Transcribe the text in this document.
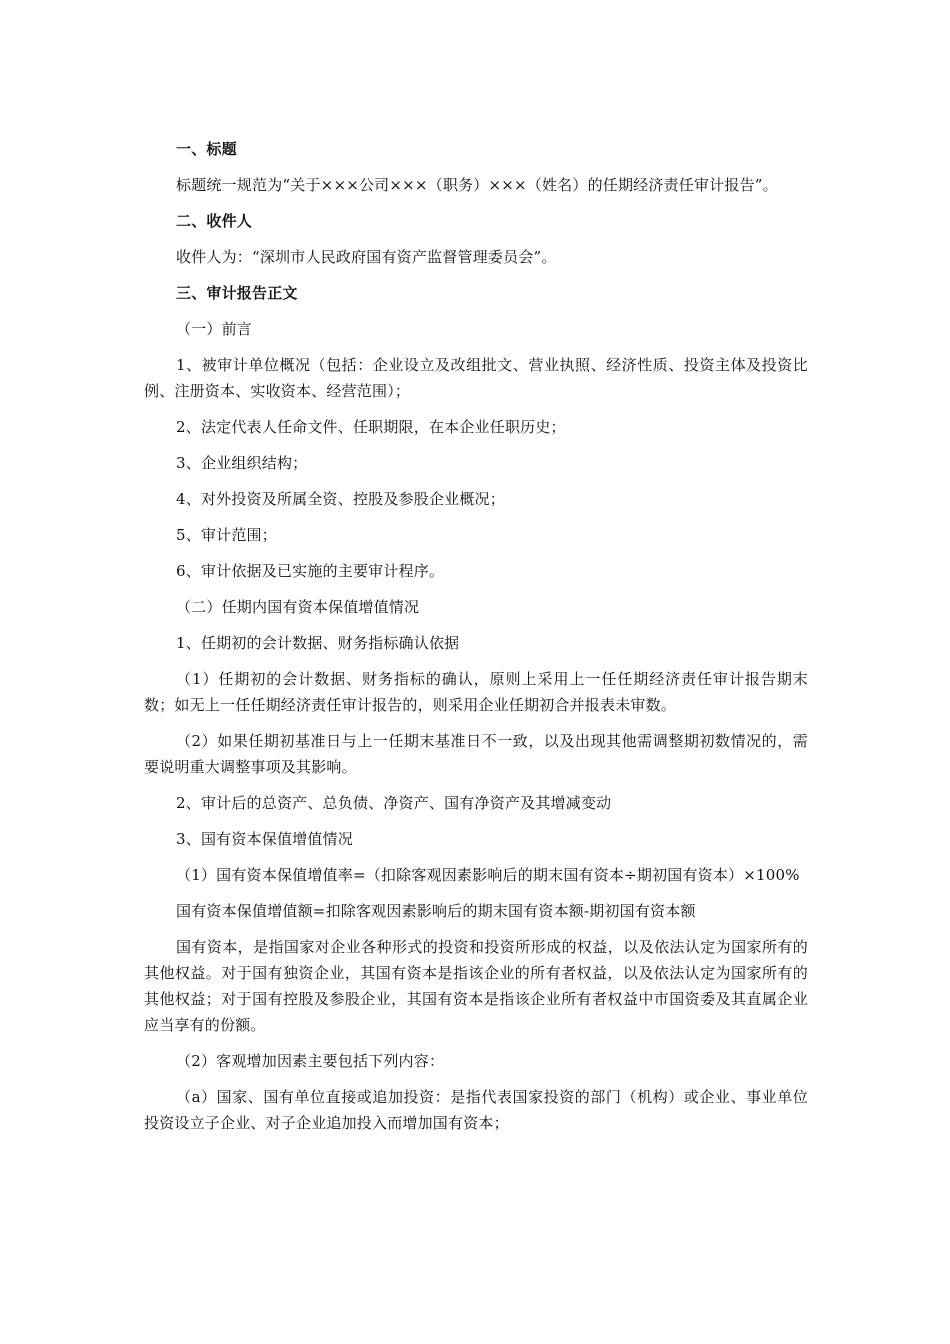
一、标题

标题统一规范为“关于×××公司×××（职务）×××（姓名）的任期经济责任审计报告”。

二、收件人

收件人为：“深圳市人民政府国有资产监督管理委员会”。

三、审计报告正文

（一）前言

1、被审计单位概况（包括：企业设立及改组批文、营业执照、经济性质、投资主体及投资比例、注册资本、实收资本、经营范围）；

2、法定代表人任命文件、任职期限，在本企业任职历史；

3、企业组织结构；

4、对外投资及所属全资、控股及参股企业概况；

5、审计范围；

6、审计依据及已实施的主要审计程序。

（二）任期内国有资本保值增值情况

1、任期初的会计数据、财务指标确认依据

（1）任期初的会计数据、财务指标的确认，原则上采用上一任任期经济责任审计报告期末数；如无上一任任期经济责任审计报告的，则采用企业任期初合并报表未审数。

（2）如果任期初基准日与上一任期末基准日不一致，以及出现其他需调整期初数情况的，需要说明重大调整事项及其影响。

2、审计后的总资产、总负债、净资产、国有净资产及其增减变动

3、国有资本保值增值情况

（1）国有资本保值增值率=（扣除客观因素影响后的期末国有资本÷期初国有资本）×100%

国有资本保值增值额=扣除客观因素影响后的期末国有资本额-期初国有资本额

国有资本，是指国家对企业各种形式的投资和投资所形成的权益，以及依法认定为国家所有的其他权益。对于国有独资企业，其国有资本是指该企业的所有者权益，以及依法认定为国家所有的其他权益；对于国有控股及参股企业，其国有资本是指该企业所有者权益中市国资委及其直属企业应当享有的份额。

（2）客观增加因素主要包括下列内容：

（a）国家、国有单位直接或追加投资：是指代表国家投资的部门（机构）或企业、事业单位投资设立子企业、对子企业追加投入而增加国有资本；
